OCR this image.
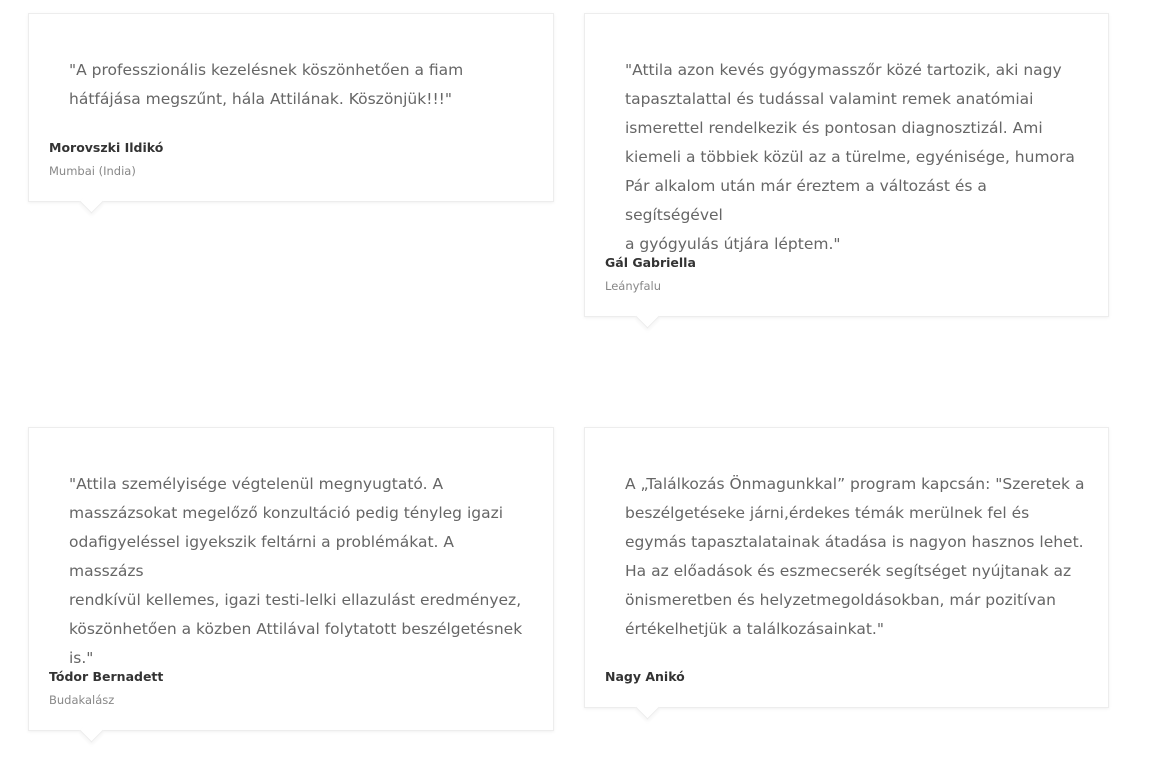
"A professzionális kezelésnek köszönhetően a fiam
hátfájása megszűnt, hála Attilának. Köszönjük!!!"

Morovszki Ildikó

Mumbai (India)

"Attila azon kevés gyógymasszőr közé tartozik, aki nagy
tapasztalattal és tudással valamint remek anatómiai
ismerettel rendelkezik és pontosan diagnosztizál. Ami
kiemeli a többiek közül az a türelme, egyénisége, humora
Pár alkalom után már éreztem a változást és a segítségével
a gyógyulás útjára léptem."

Gál Gabriella

Leányfalu

"Attila személyisége végtelenül megnyugtató. A
masszázsokat megelőző konzultáció pedig tényleg igazi
odafigyeléssel igyekszik feltárni a problémákat. A masszázs
rendkívül kellemes, igazi testi-lelki ellazulást eredményez,
köszönhetően a közben Attilával folytatott beszélgetésnek
is."

Tódor Bernadett

Budakalász

A „Találkozás Önmagunkkal” program kapcsán: "Szeretek a
beszélgetéseke járni,érdekes témák merülnek fel és
egymás tapasztalatainak átadása is nagyon hasznos lehet.
Ha az előadások és eszmecserék segítséget nyújtanak az
önismeretben és helyzetmegoldásokban, már pozitívan
értékelhetjük a találkozásainkat."

Nagy Anikó
